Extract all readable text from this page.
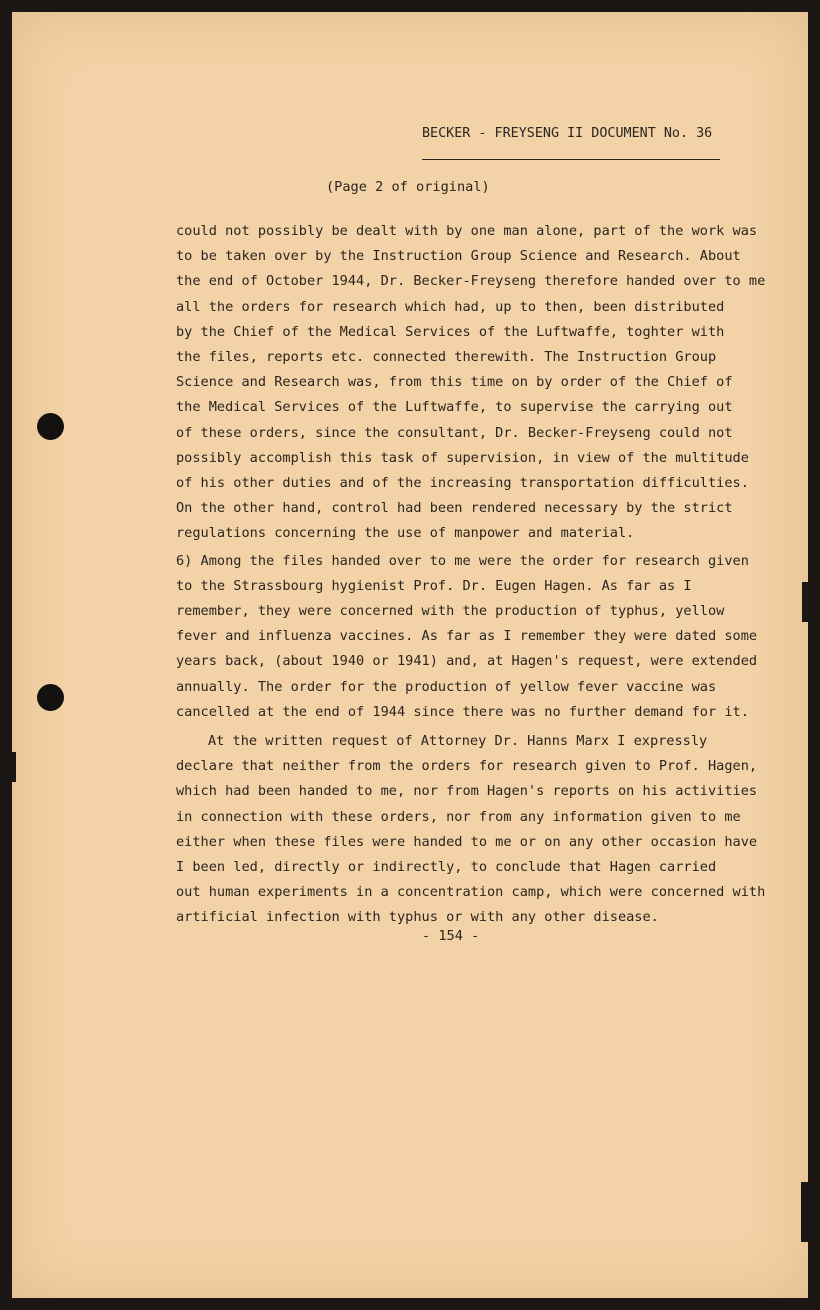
BECKER - FREYSENG II DOCUMENT No. 36
(Page 2 of original)

could not possibly be dealt with by one man alone, part of the work was
to be taken over by the Instruction Group Science and Research. About
the end of October 1944, Dr. Becker-Freyseng therefore handed over to me
all the orders for research which had, up to then, been distributed
by the Chief of the Medical Services of the Luftwaffe, toghter with
the files, reports etc. connected therewith. The Instruction Group
Science and Research was, from this time on by order of the Chief of
the Medical Services of the Luftwaffe, to supervise the carrying out
of these orders, since the consultant, Dr. Becker-Freyseng could not
possibly accomplish this task of supervision, in view of the multitude
of his other duties and of the increasing transportation difficulties.
On the other hand, control had been rendered necessary by the strict
regulations concerning the use of manpower and material.

6) Among the files handed over to me were the order for research given
to the Strassbourg hygienist Prof. Dr. Eugen Hagen. As far as I
remember, they were concerned with the production of typhus, yellow
fever and influenza vaccines. As far as I remember they were dated some
years back, (about 1940 or 1941) and, at Hagen's request, were extended
annually. The order for the production of yellow fever vaccine was
cancelled at the end of 1944 since there was no further demand for it.

At the written request of Attorney Dr. Hanns Marx I expressly
declare that neither from the orders for research given to Prof. Hagen,
which had been handed to me, nor from Hagen's reports on his activities
in connection with these orders, nor from any information given to me
either when these files were handed to me or on any other occasion have
I been led, directly or indirectly, to conclude that Hagen carried
out human experiments in a concentration camp, which were concerned with
artificial infection with typhus or with any other disease.

- 154 -
